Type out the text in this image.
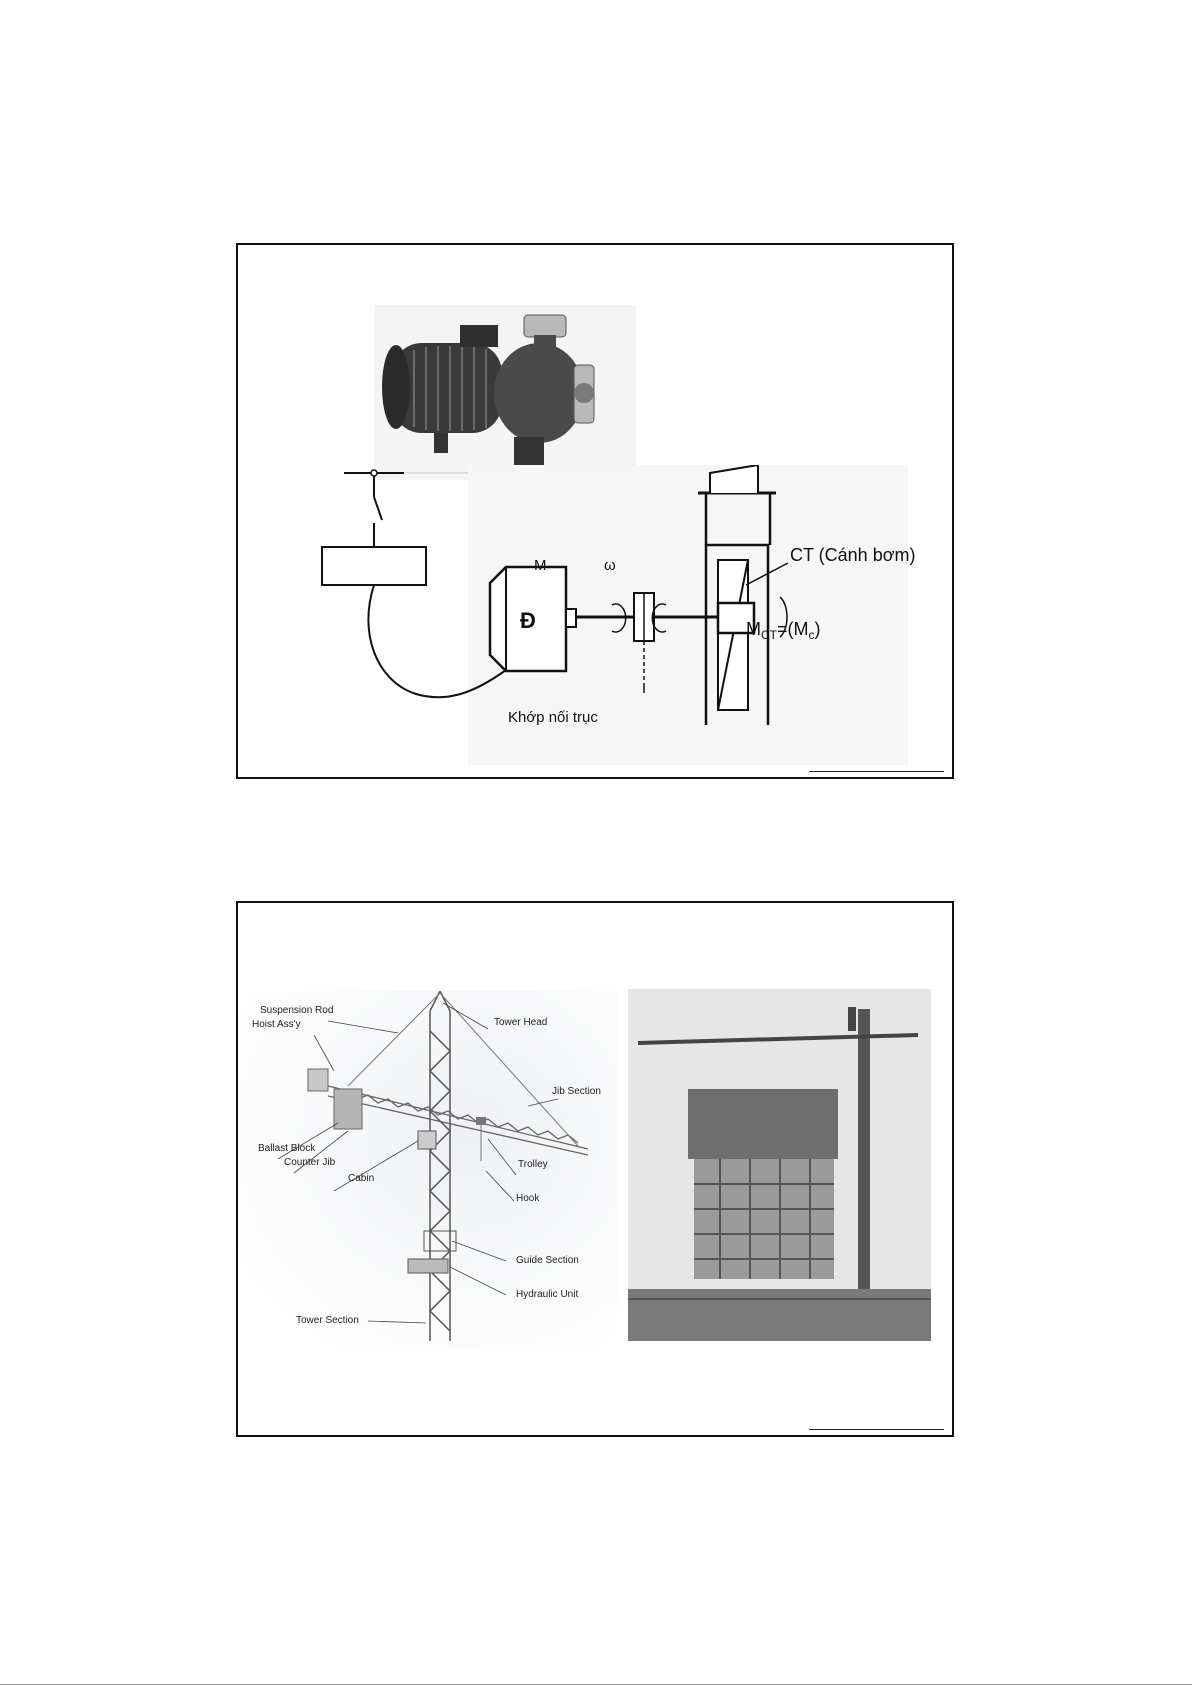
Đ
M	ω
CT (Cánh bơm)
$M_{CT}=(M_c)$
Khớp nối trục
Suspension Rod
Hoist Ass'y	Tower Head
Jib Section
Ballast Block
Counter Jib	Trolley
Cabin
Hook
Guide Section
Hydraulic Unit
Tower Section
